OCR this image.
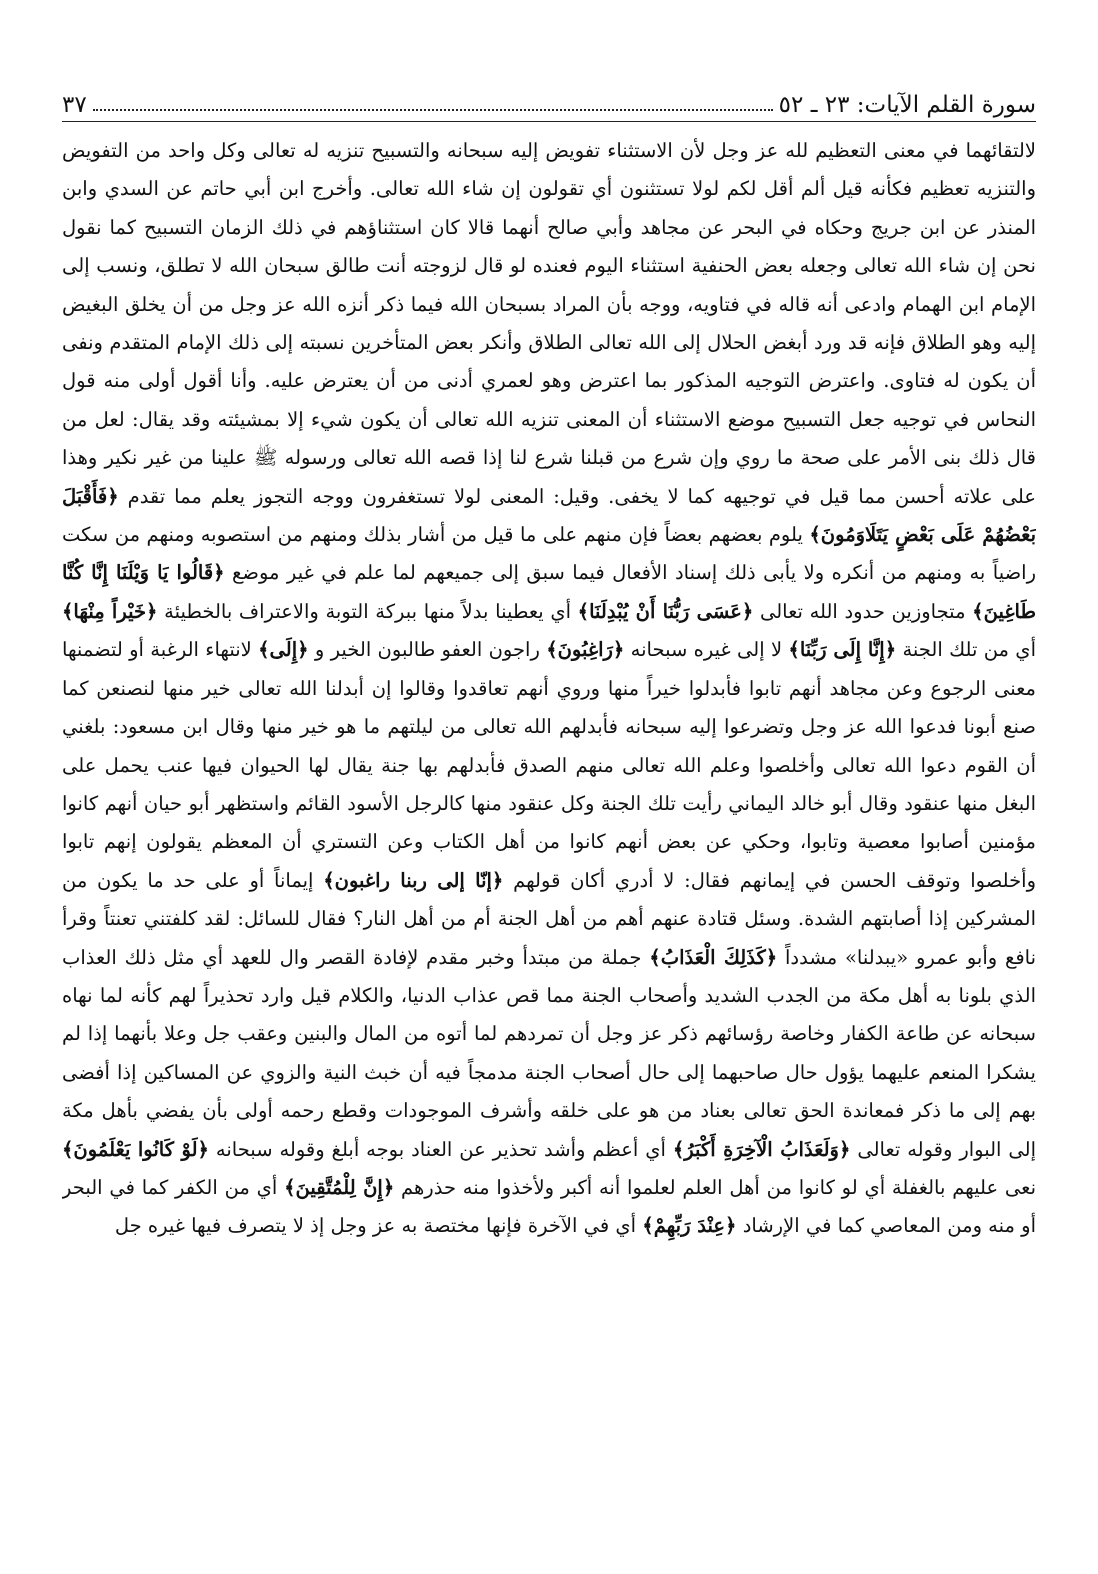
سورة القلم الآيات: ٢٣ ـ ٥٢
٣٧

لالتقائهما في معنى التعظيم لله عز وجل لأن الاستثناء تفويض إليه سبحانه والتسبيح تنزيه له تعالى وكل واحد من التفويض والتنزيه تعظيم فكأنه قيل ألم أقل لكم لولا تستثنون أي تقولون إن شاء الله تعالى. وأخرج ابن أبي حاتم عن السدي وابن المنذر عن ابن جريج وحكاه في البحر عن مجاهد وأبي صالح أنهما قالا كان استثناؤهم في ذلك الزمان التسبيح كما نقول نحن إن شاء الله تعالى وجعله بعض الحنفية استثناء اليوم فعنده لو قال لزوجته أنت طالق سبحان الله لا تطلق، ونسب إلى الإمام ابن الهمام وادعى أنه قاله في فتاويه، ووجه بأن المراد بسبحان الله فيما ذكر أنزه الله عز وجل من أن يخلق البغيض إليه وهو الطلاق فإنه قد ورد أبغض الحلال إلى الله تعالى الطلاق وأنكر بعض المتأخرين نسبته إلى ذلك الإمام المتقدم ونفى أن يكون له فتاوى. واعترض التوجيه المذكور بما اعترض وهو لعمري أدنى من أن يعترض عليه. وأنا أقول أولى منه قول النحاس في توجيه جعل التسبيح موضع الاستثناء أن المعنى تنزيه الله تعالى أن يكون شيء إلا بمشيئته وقد يقال: لعل من قال ذلك بنى الأمر على صحة ما روي وإن شرع من قبلنا شرع لنا إذا قصه الله تعالى ورسوله ﷺ علينا من غير نكير وهذا على علاته أحسن مما قيل في توجيهه كما لا يخفى. وقيل: المعنى لولا تستغفرون ووجه التجوز يعلم مما تقدم ﴿فَأَقْبَلَ بَعْضُهُمْ عَلَى بَعْضٍ يَتَلَاوَمُونَ﴾ يلوم بعضهم بعضاً فإن منهم على ما قيل من أشار بذلك ومنهم من استصوبه ومنهم من سكت راضياً به ومنهم من أنكره ولا يأبى ذلك إسناد الأفعال فيما سبق إلى جميعهم لما علم في غير موضع ﴿قَالُوا يَا وَيْلَنَا إِنَّا كُنَّا طَاغِينَ﴾ متجاوزين حدود الله تعالى ﴿عَسَى رَبُّنَا أَنْ يُبْدِلَنَا﴾ أي يعطينا بدلاً منها ببركة التوبة والاعتراف بالخطيئة ﴿خَيْراً مِنْهَا﴾ أي من تلك الجنة ﴿إِنَّا إِلَى رَبِّنَا﴾ لا إلى غيره سبحانه ﴿رَاغِبُونَ﴾ راجون العفو طالبون الخير و ﴿إِلَى﴾ لانتهاء الرغبة أو لتضمنها معنى الرجوع وعن مجاهد أنهم تابوا فأبدلوا خيراً منها وروي أنهم تعاقدوا وقالوا إن أبدلنا الله تعالى خير منها لنصنعن كما صنع أبونا فدعوا الله عز وجل وتضرعوا إليه سبحانه فأبدلهم الله تعالى من ليلتهم ما هو خير منها وقال ابن مسعود: بلغني أن القوم دعوا الله تعالى وأخلصوا وعلم الله تعالى منهم الصدق فأبدلهم بها جنة يقال لها الحيوان فيها عنب يحمل على البغل منها عنقود وقال أبو خالد اليماني رأيت تلك الجنة وكل عنقود منها كالرجل الأسود القائم واستظهر أبو حيان أنهم كانوا مؤمنين أصابوا معصية وتابوا، وحكي عن بعض أنهم كانوا من أهل الكتاب وعن التستري أن المعظم يقولون إنهم تابوا وأخلصوا وتوقف الحسن في إيمانهم فقال: لا أدري أكان قولهم ﴿إنّا إلى ربنا راغبون﴾ إيماناً أو على حد ما يكون من المشركين إذا أصابتهم الشدة. وسئل قتادة عنهم أهم من أهل الجنة أم من أهل النار؟ فقال للسائل: لقد كلفتني تعنتاً وقرأ نافع وأبو عمرو «يبدلنا» مشدداً ﴿كَذَلِكَ الْعَذَابُ﴾ جملة من مبتدأ وخبر مقدم لإفادة القصر وال للعهد أي مثل ذلك العذاب الذي بلونا به أهل مكة من الجدب الشديد وأصحاب الجنة مما قص عذاب الدنيا، والكلام قيل وارد تحذيراً لهم كأنه لما نهاه سبحانه عن طاعة الكفار وخاصة رؤسائهم ذكر عز وجل أن تمردهم لما أتوه من المال والبنين وعقب جل وعلا بأنهما إذا لم يشكرا المنعم عليهما يؤول حال صاحبهما إلى حال أصحاب الجنة مدمجاً فيه أن خبث النية والزوي عن المساكين إذا أفضى بهم إلى ما ذكر فمعاندة الحق تعالى بعناد من هو على خلقه وأشرف الموجودات وقطع رحمه أولى بأن يفضي بأهل مكة إلى البوار وقوله تعالى ﴿وَلَعَذَابُ الْآخِرَةِ أَكْبَرُ﴾ أي أعظم وأشد تحذير عن العناد بوجه أبلغ وقوله سبحانه ﴿لَوْ كَانُوا يَعْلَمُونَ﴾ نعى عليهم بالغفلة أي لو كانوا من أهل العلم لعلموا أنه أكبر ولأخذوا منه حذرهم ﴿إِنَّ لِلْمُتَّقِينَ﴾ أي من الكفر كما في البحر أو منه ومن المعاصي كما في الإرشاد ﴿عِنْدَ رَبِّهِمْ﴾ أي في الآخرة فإنها مختصة به عز وجل إذ لا يتصرف فيها غيره جل
